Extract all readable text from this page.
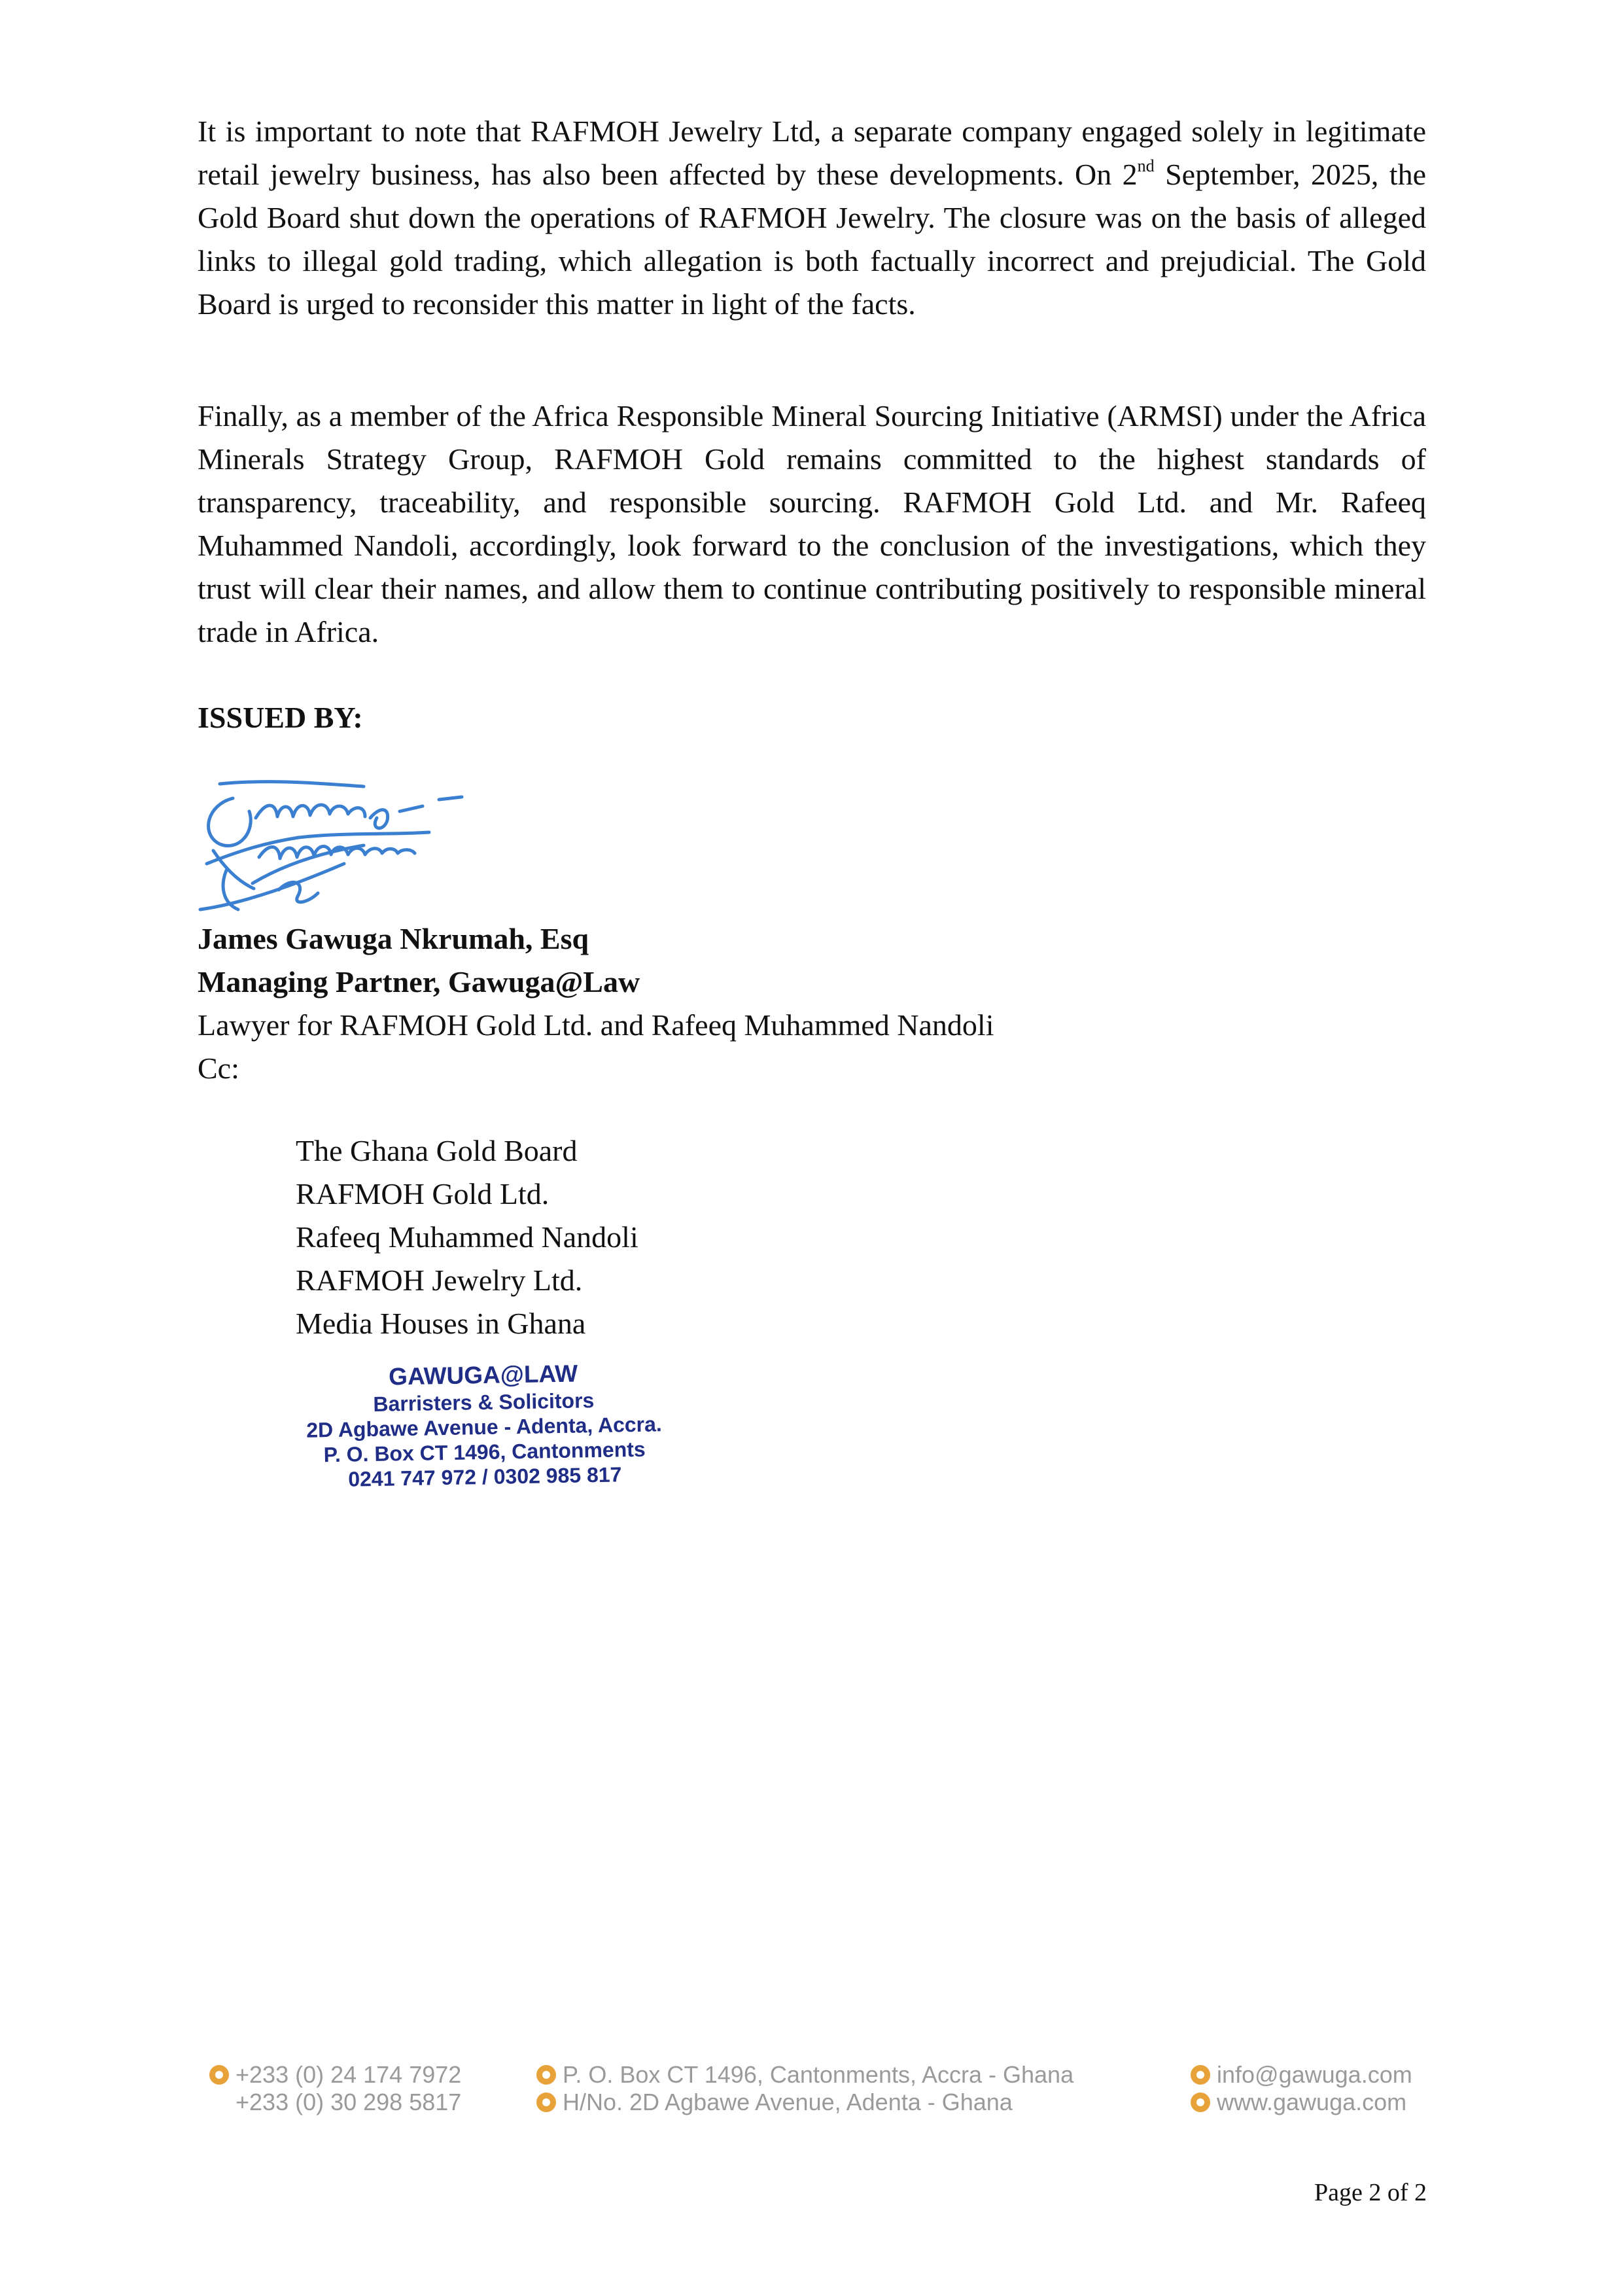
It is important to note that RAFMOH Jewelry Ltd, a separate company engaged solely in legitimate retail jewelry business, has also been affected by these developments. On 2nd September, 2025, the Gold Board shut down the operations of RAFMOH Jewelry. The closure was on the basis of alleged links to illegal gold trading, which allegation is both factually incorrect and prejudicial. The Gold Board is urged to reconsider this matter in light of the facts.

Finally, as a member of the Africa Responsible Mineral Sourcing Initiative (ARMSI) under the Africa Minerals Strategy Group, RAFMOH Gold remains committed to the highest standards of transparency, traceability, and responsible sourcing. RAFMOH Gold Ltd. and Mr. Rafeeq Muhammed Nandoli, accordingly, look forward to the conclusion of the investigations, which they trust will clear their names, and allow them to continue contributing positively to responsible mineral trade in Africa.

ISSUED BY:

James Gawuga Nkrumah, Esq
Managing Partner, Gawuga@Law
Lawyer for RAFMOH Gold Ltd. and Rafeeq Muhammed Nandoli
Cc:
The Ghana Gold Board
RAFMOH Gold Ltd.
Rafeeq Muhammed Nandoli
RAFMOH Jewelry Ltd.
Media Houses in Ghana
GAWUGA@LAW
Barristers & Solicitors
2D Agbawe Avenue - Adenta, Accra.
P. O. Box CT 1496, Cantonments
0241 747 972 / 0302 985 817
+233 (0) 24 174 7972
+233 (0) 30 298 5817
P. O. Box CT 1496, Cantonments, Accra - Ghana
H/No. 2D Agbawe Avenue, Adenta - Ghana
info@gawuga.com
www.gawuga.com
Page 2 of 2
